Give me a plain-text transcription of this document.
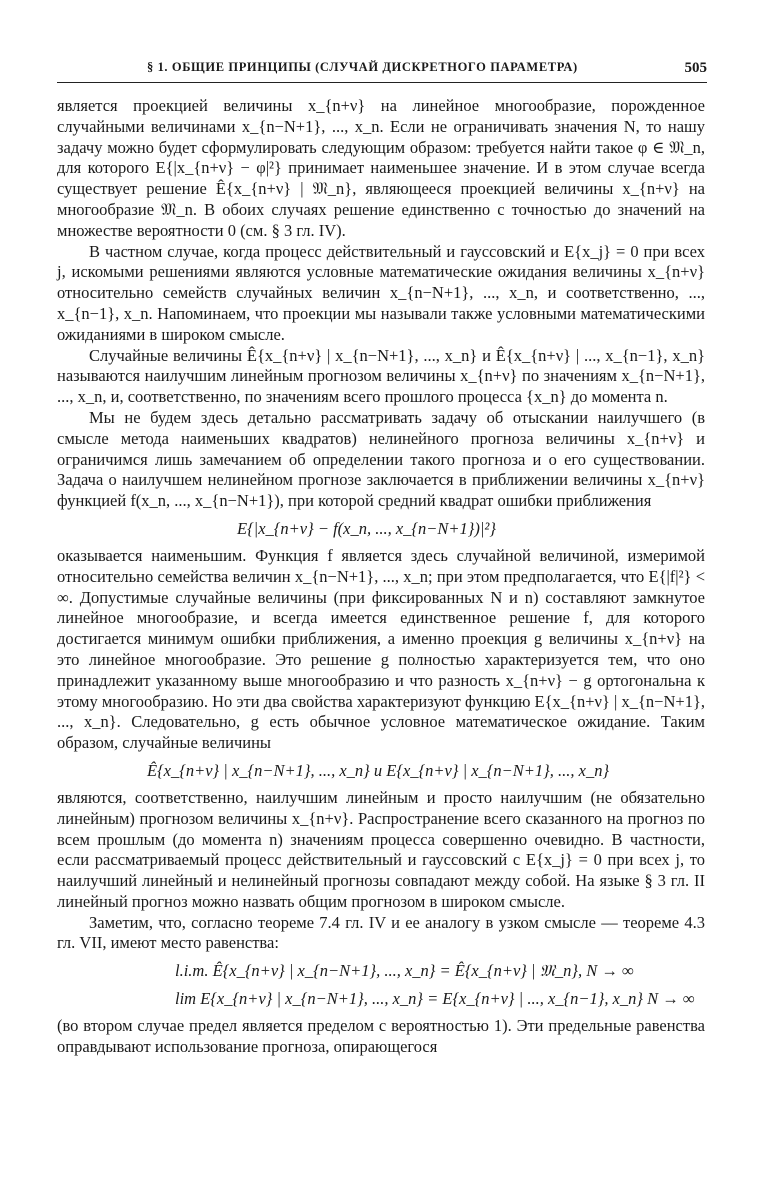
§ 1. ОБЩИЕ ПРИНЦИПЫ (СЛУЧАЙ ДИСКРЕТНОГО ПАРАМЕТРА)	505

является проекцией величины x_{n+ν} на линейное многообразие, порожденное случайными величинами x_{n−N+1}, ..., x_n. Если не ограничивать значения N, то нашу задачу можно будет сформулировать следующим образом: требуется найти такое φ ∈ 𝔐_n, для которого E{|x_{n+ν} − φ|²} принимает наименьшее значение. И в этом случае всегда существует решение Ê{x_{n+ν} | 𝔐_n}, являющееся проекцией величины x_{n+ν} на многообразие 𝔐_n. В обоих случаях решение единственно с точностью до значений на множестве вероятности 0 (см. § 3 гл. IV).

В частном случае, когда процесс действительный и гауссовский и E{x_j} = 0 при всех j, искомыми решениями являются условные математические ожидания величины x_{n+ν} относительно семейств случайных величин x_{n−N+1}, ..., x_n, и соответственно, ..., x_{n−1}, x_n. Напоминаем, что проекции мы называли также условными математическими ожиданиями в широком смысле.

Случайные величины Ê{x_{n+ν} | x_{n−N+1}, ..., x_n} и Ê{x_{n+ν} | ..., x_{n−1}, x_n} называются наилучшим линейным прогнозом величины x_{n+ν} по значениям x_{n−N+1}, ..., x_n, и, соответственно, по значениям всего прошлого процесса {x_n} до момента n.

Мы не будем здесь детально рассматривать задачу об отыскании наилучшего (в смысле метода наименьших квадратов) нелинейного прогноза величины x_{n+ν} и ограничимся лишь замечанием об определении такого прогноза и о его существовании. Задача о наилучшем нелинейном прогнозе заключается в приближении величины x_{n+ν} функцией f(x_n, ..., x_{n−N+1}), при которой средний квадрат ошибки приближения

E{|x_{n+ν} − f(x_n, ..., x_{n−N+1})|²}

оказывается наименьшим. Функция f является здесь случайной величиной, измеримой относительно семейства величин x_{n−N+1}, ..., x_n; при этом предполагается, что E{|f|²} < ∞. Допустимые случайные величины (при фиксированных N и n) составляют замкнутое линейное многообразие, и всегда имеется единственное решение f, для которого достигается минимум ошибки приближения, а именно проекция g величины x_{n+ν} на это линейное многообразие. Это решение g полностью характеризуется тем, что оно принадлежит указанному выше многообразию и что разность x_{n+ν} − g ортогональна к этому многообразию. Но эти два свойства характеризуют функцию E{x_{n+ν} | x_{n−N+1}, ..., x_n}. Следовательно, g есть обычное условное математическое ожидание. Таким образом, случайные величины

Ê{x_{n+ν} | x_{n−N+1}, ..., x_n} и E{x_{n+ν} | x_{n−N+1}, ..., x_n}

являются, соответственно, наилучшим линейным и просто наилучшим (не обязательно линейным) прогнозом величины x_{n+ν}. Распространение всего сказанного на прогноз по всем прошлым (до момента n) значениям процесса совершенно очевидно. В частности, если рассматриваемый процесс действительный и гауссовский с E{x_j} = 0 при всех j, то наилучший линейный и нелинейный прогнозы совпадают между собой. На языке § 3 гл. II линейный прогноз можно назвать общим прогнозом в широком смысле.

Заметим, что, согласно теореме 7.4 гл. IV и ее аналогу в узком смысле — теореме 4.3 гл. VII, имеют место равенства:

l.i.m. Ê{x_{n+ν} | x_{n−N+1}, ..., x_n} = Ê{x_{n+ν} | 𝔐_n}, N → ∞
lim E{x_{n+ν} | x_{n−N+1}, ..., x_n} = E{x_{n+ν} | ..., x_{n−1}, x_n} N → ∞

(во втором случае предел является пределом с вероятностью 1). Эти предельные равенства оправдывают использование прогноза, опирающегося
